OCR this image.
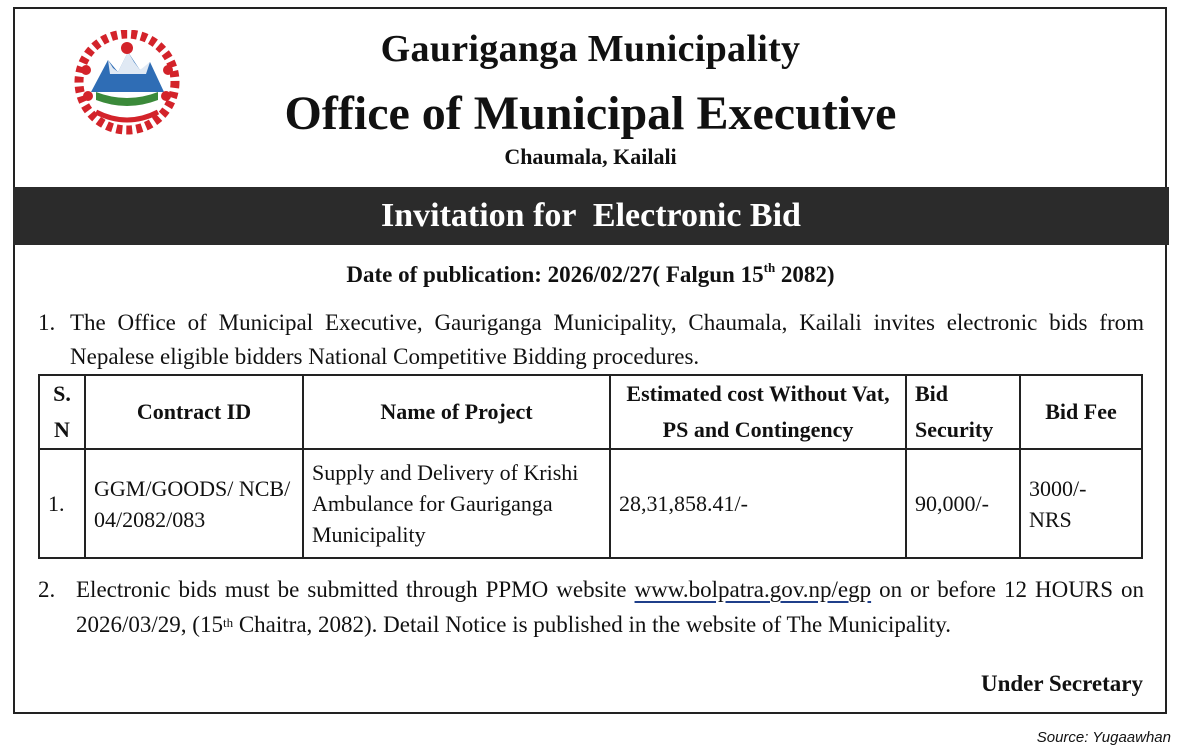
Gauriganga Municipality
Office of Municipal Executive
Chaumala, Kailali
Invitation for  Electronic Bid
Date of publication: 2026/02/27( Falgun 15th 2082)
1. The Office of Municipal Executive, Gauriganga Municipality, Chaumala, Kailali invites electronic bids from Nepalese eligible bidders National Competitive Bidding procedures.
S. N	Contract ID	Name of Project	Estimated cost Without Vat, PS and Contingency	Bid Security	Bid Fee
1.	GGM/GOODS/ NCB/ 04/2082/083	Supply and Delivery of Krishi Ambulance for Gauriganga Municipality	28,31,858.41/-	90,000/-	3000/- NRS
2. Electronic bids must be submitted through PPMO website www.bolpatra.gov.np/egp on or before 12 HOURS on 2026/03/29, (15th Chaitra, 2082). Detail Notice is published in the website of The Municipality.
Under Secretary
Source: Yugaawhan
